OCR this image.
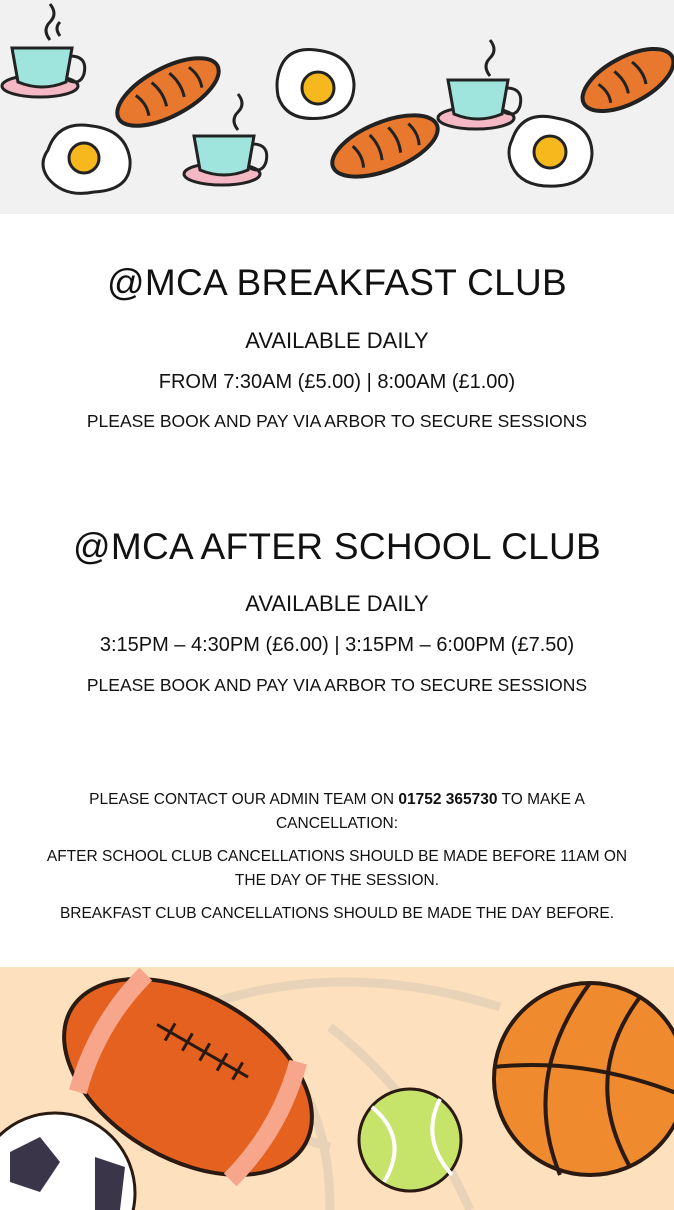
@MCA BREAKFAST CLUB

AVAILABLE DAILY

FROM 7:30AM (£5.00) | 8:00AM (£1.00)

PLEASE BOOK AND PAY VIA ARBOR TO SECURE SESSIONS

@MCA AFTER SCHOOL CLUB

AVAILABLE DAILY

3:15PM – 4:30PM (£6.00) | 3:15PM – 6:00PM (£7.50)

PLEASE BOOK AND PAY VIA ARBOR TO SECURE SESSIONS

PLEASE CONTACT OUR ADMIN TEAM ON 01752 365730 TO MAKE A

CANCELLATION:

AFTER SCHOOL CLUB CANCELLATIONS SHOULD BE MADE BEFORE 11AM ON

THE DAY OF THE SESSION.

BREAKFAST CLUB CANCELLATIONS SHOULD BE MADE THE DAY BEFORE.
